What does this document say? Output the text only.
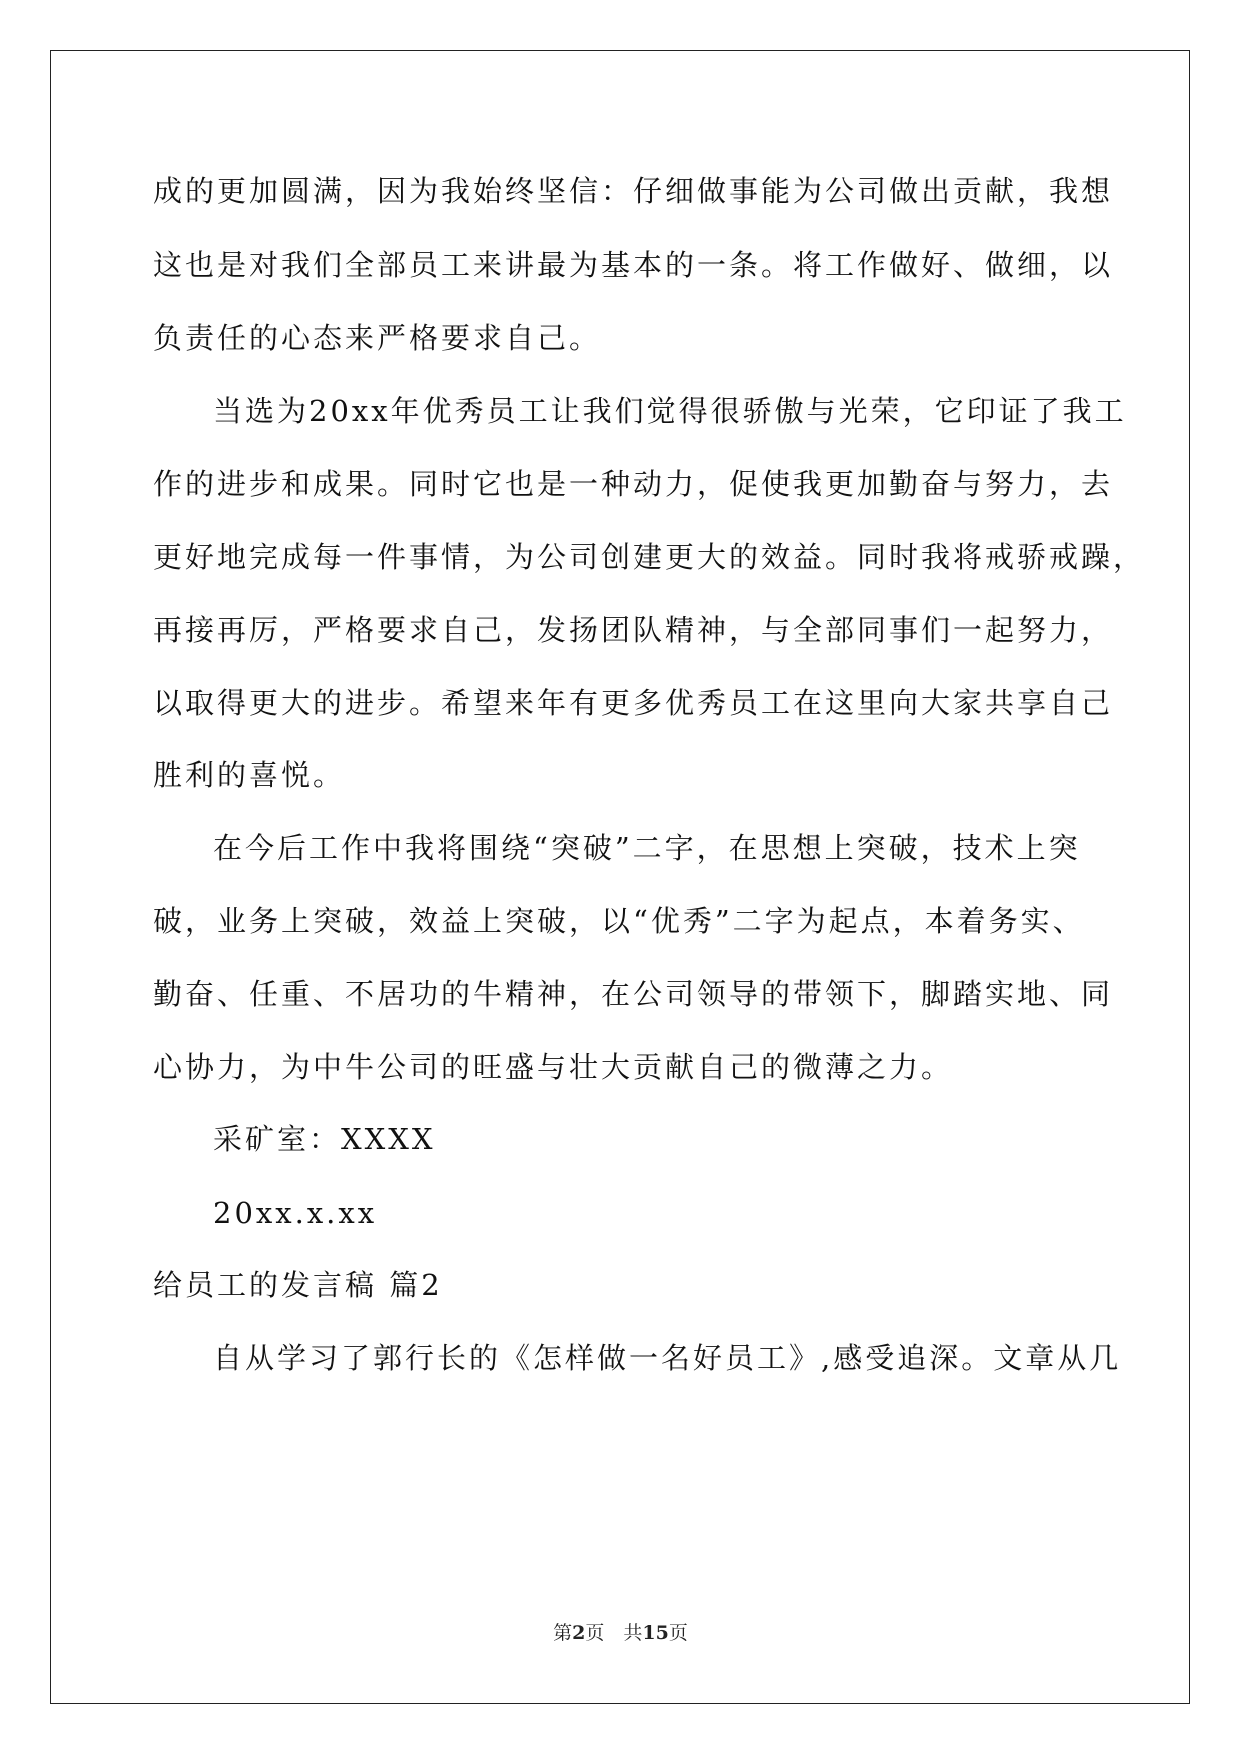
成的更加圆满，因为我始终坚信：仔细做事能为公司做出贡献，我想
这也是对我们全部员工来讲最为基本的一条。将工作做好、做细，以
负责任的心态来严格要求自己。
当选为20xx年优秀员工让我们觉得很骄傲与光荣，它印证了我工
作的进步和成果。同时它也是一种动力，促使我更加勤奋与努力，去
更好地完成每一件事情，为公司创建更大的效益。同时我将戒骄戒躁，
再接再厉，严格要求自己，发扬团队精神，与全部同事们一起努力，
以取得更大的进步。希望来年有更多优秀员工在这里向大家共享自己
胜利的喜悦。
在今后工作中我将围绕“突破”二字，在思想上突破，技术上突
破，业务上突破，效益上突破，以“优秀”二字为起点，本着务实、
勤奋、任重、不居功的牛精神，在公司领导的带领下，脚踏实地、同
心协力，为中牛公司的旺盛与壮大贡献自己的微薄之力。
采矿室：XXXX
20xx.x.xx
给员工的发言稿 篇2
自从学习了郭行长的《怎样做一名好员工》,感受追深。文章从几
第2页　共15页
